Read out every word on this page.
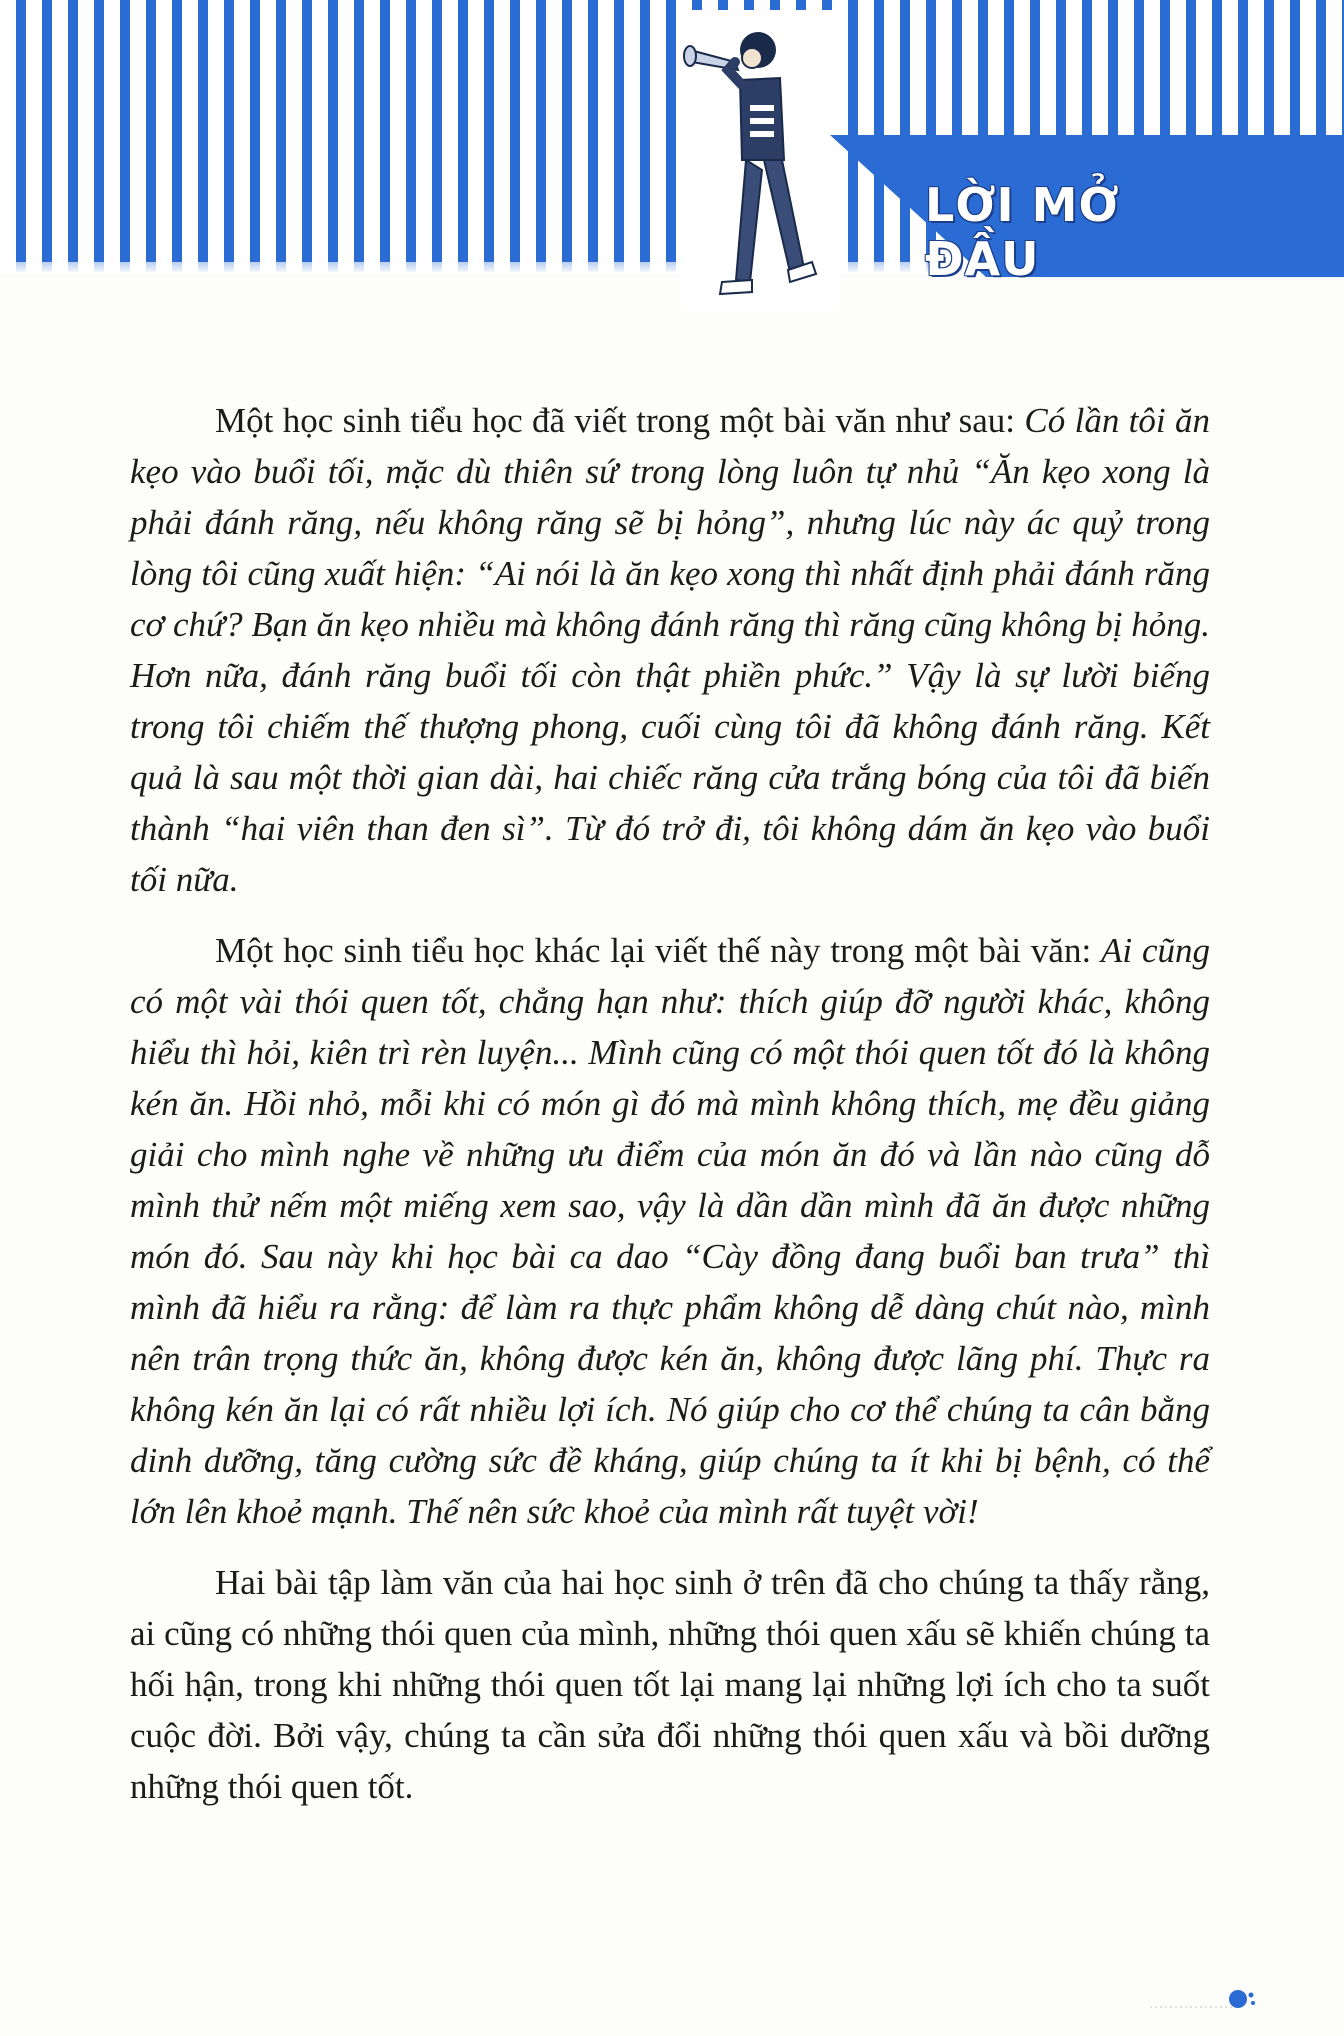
LỜI MỞ ĐẦU

Một học sinh tiểu học đã viết trong một bài văn như sau: Có lần tôi ăn kẹo vào buổi tối, mặc dù thiên sứ trong lòng luôn tự nhủ “Ăn kẹo xong là phải đánh răng, nếu không răng sẽ bị hỏng”, nhưng lúc này ác quỷ trong lòng tôi cũng xuất hiện: “Ai nói là ăn kẹo xong thì nhất định phải đánh răng cơ chứ? Bạn ăn kẹo nhiều mà không đánh răng thì răng cũng không bị hỏng. Hơn nữa, đánh răng buổi tối còn thật phiền phức.” Vậy là sự lười biếng trong tôi chiếm thế thượng phong, cuối cùng tôi đã không đánh răng. Kết quả là sau một thời gian dài, hai chiếc răng cửa trắng bóng của tôi đã biến thành “hai viên than đen sì”. Từ đó trở đi, tôi không dám ăn kẹo vào buổi tối nữa.

Một học sinh tiểu học khác lại viết thế này trong một bài văn: Ai cũng có một vài thói quen tốt, chẳng hạn như: thích giúp đỡ người khác, không hiểu thì hỏi, kiên trì rèn luyện... Mình cũng có một thói quen tốt đó là không kén ăn. Hồi nhỏ, mỗi khi có món gì đó mà mình không thích, mẹ đều giảng giải cho mình nghe về những ưu điểm của món ăn đó và lần nào cũng dỗ mình thử nếm một miếng xem sao, vậy là dần dần mình đã ăn được những món đó. Sau này khi học bài ca dao “Cày đồng đang buổi ban trưa” thì mình đã hiểu ra rằng: để làm ra thực phẩm không dễ dàng chút nào, mình nên trân trọng thức ăn, không được kén ăn, không được lãng phí. Thực ra không kén ăn lại có rất nhiều lợi ích. Nó giúp cho cơ thể chúng ta cân bằng dinh dưỡng, tăng cường sức đề kháng, giúp chúng ta ít khi bị bệnh, có thể lớn lên khoẻ mạnh. Thế nên sức khoẻ của mình rất tuyệt vời!

Hai bài tập làm văn của hai học sinh ở trên đã cho chúng ta thấy rằng, ai cũng có những thói quen của mình, những thói quen xấu sẽ khiến chúng ta hối hận, trong khi những thói quen tốt lại mang lại những lợi ích cho ta suốt cuộc đời. Bởi vậy, chúng ta cần sửa đổi những thói quen xấu và bồi dưỡng những thói quen tốt.
